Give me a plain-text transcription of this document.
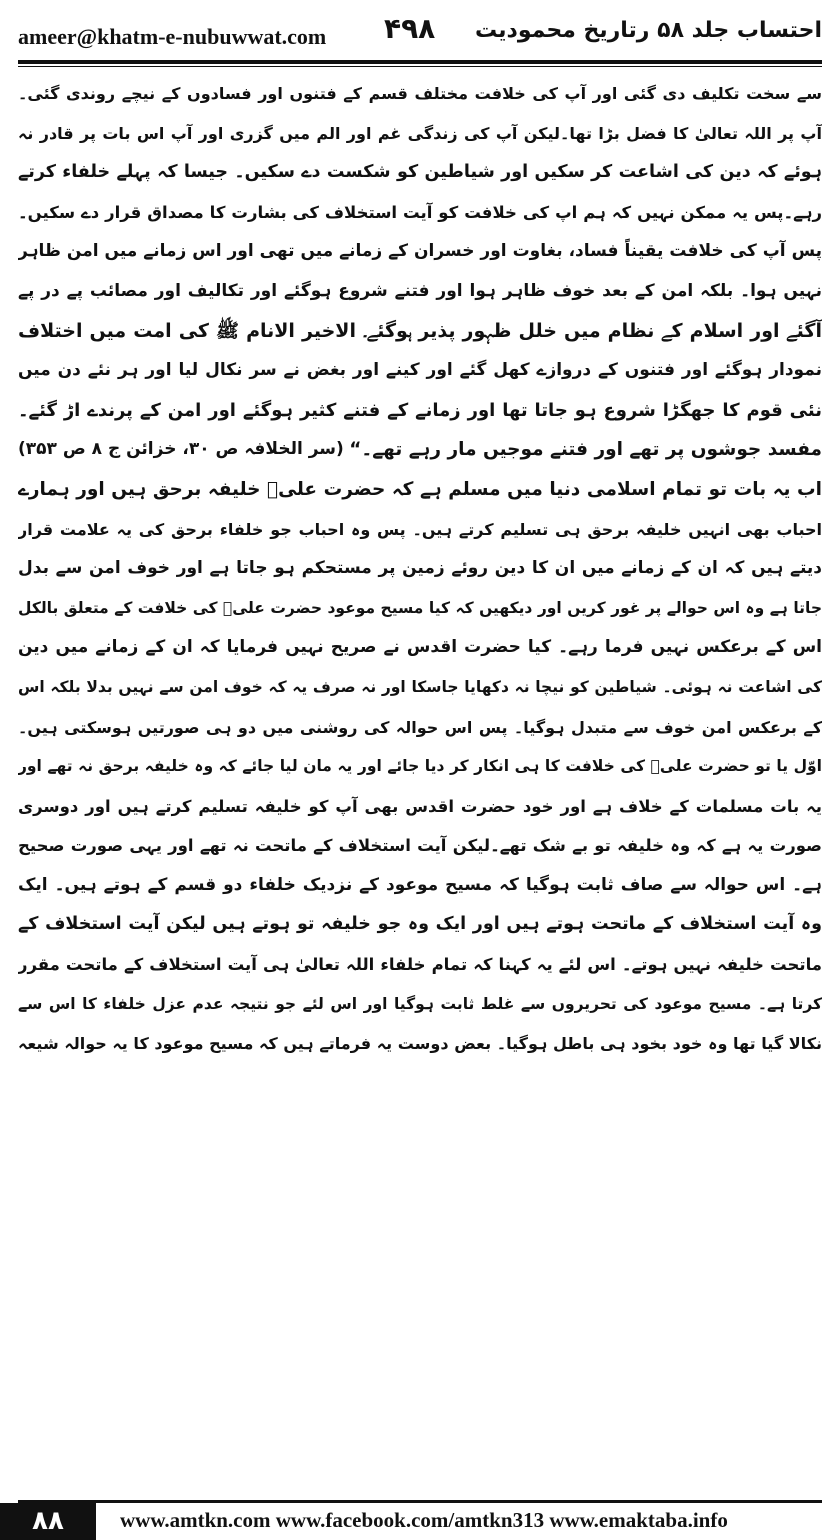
ameer@khatm-e-nubuwwat.com ۴۹۸ احتساب جلد ۵۸ رتاریخ محمودیت
سے سخت تکلیف دی گئی اور آپ کی خلافت مختلف قسم کے فتنوں اور فسادوں کے نیچے روندی گئی۔
آپ پر اللہ تعالیٰ کا فضل بڑا تھا۔لیکن آپ کی زندگی غم اور الم میں گزری اور آپ اس بات پر قادر نہ
ہوئے کہ دین کی اشاعت کر سکیں اور شیاطین کو شکست دے سکیں۔ جیسا کہ پہلے خلفاء کرتے
رہے۔پس یہ ممکن نہیں کہ ہم اپ کی خلافت کو آیت استخلاف کی بشارت کا مصداق قرار دے سکیں۔
پس آپ کی خلافت یقیناً فساد، بغاوت اور خسران کے زمانے میں تھی اور اس زمانے میں امن ظاہر
نہیں ہوا۔ بلکہ امن کے بعد خوف ظاہر ہوا اور فتنے شروع ہوگئے اور تکالیف اور مصائب پے در پے
آگئے اور اسلام کے نظام میں خلل ظہور پذیر ہوگئے۔ الاخیر الانام ﷺ کی امت میں اختلاف
نمودار ہوگئے اور فتنوں کے دروازے کھل گئے اور کینے اور بغض نے سر نکال لیا اور ہر نئے دن میں
نئی قوم کا جھگڑا شروع ہو جاتا تھا اور زمانے کے فتنے کثیر ہوگئے اور امن کے پرندے اڑ گئے۔
مفسد جوشوں پر تھے اور فتنے موجیں مار رہے تھے۔“
(سر الخلافہ ص ۳۰، خزائن ج ۸ ص ۳۵۳)
اب یہ بات تو تمام اسلامی دنیا میں مسلم ہے کہ حضرت علیؓ خلیفہ برحق ہیں اور ہمارے
احباب بھی انہیں خلیفہ برحق ہی تسلیم کرتے ہیں۔ پس وہ احباب جو خلفاء برحق کی یہ علامت قرار
دیتے ہیں کہ ان کے زمانے میں ان کا دین روئے زمین پر مستحکم ہو جاتا ہے اور خوف امن سے بدل
جاتا ہے وہ اس حوالے پر غور کریں اور دیکھیں کہ کیا مسیح موعود حضرت علیؓ کی خلافت کے متعلق بالکل
اس کے برعکس نہیں فرما رہے۔ کیا حضرت اقدس نے صریح نہیں فرمایا کہ ان کے زمانے میں دین
کی اشاعت نہ ہوئی۔ شیاطین کو نیچا نہ دکھایا جاسکا اور نہ صرف یہ کہ خوف امن سے نہیں بدلا بلکہ اس
کے برعکس امن خوف سے متبدل ہوگیا۔ پس اس حوالہ کی روشنی میں دو ہی صورتیں ہوسکتی ہیں۔
اوّل یا تو حضرت علیؓ کی خلافت کا ہی انکار کر دیا جائے اور یہ مان لیا جائے کہ وہ خلیفہ برحق نہ تھے اور
یہ بات مسلمات کے خلاف ہے اور خود حضرت اقدس بھی آپ کو خلیفہ تسلیم کرتے ہیں اور دوسری
صورت یہ ہے کہ وہ خلیفہ تو بے شک تھے۔لیکن آیت استخلاف کے ماتحت نہ تھے اور یہی صورت صحیح
ہے۔ اس حوالہ سے صاف ثابت ہوگیا کہ مسیح موعود کے نزدیک خلفاء دو قسم کے ہوتے ہیں۔ ایک
وہ آیت استخلاف کے ماتحت ہوتے ہیں اور ایک وہ جو خلیفہ تو ہوتے ہیں لیکن آیت استخلاف کے
ماتحت خلیفہ نہیں ہوتے۔ اس لئے یہ کہنا کہ تمام خلفاء اللہ تعالیٰ ہی آیت استخلاف کے ماتحت مقرر
کرتا ہے۔ مسیح موعود کی تحریروں سے غلط ثابت ہوگیا اور اس لئے جو نتیجہ عدم عزل خلفاء کا اس سے
نکالا گیا تھا وہ خود بخود ہی باطل ہوگیا۔ بعض دوست یہ فرماتے ہیں کہ مسیح موعود کا یہ حوالہ شیعہ
۸۸	www.amtkn.com www.facebook.com/amtkn313 www.emaktaba.info
